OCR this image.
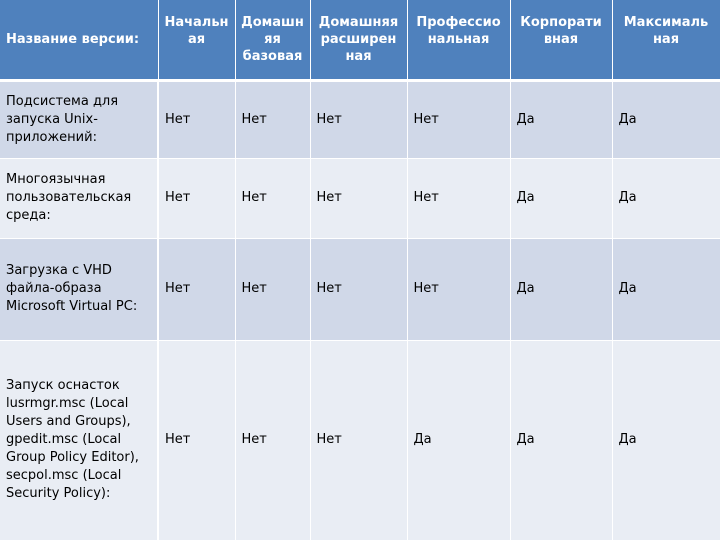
Название версии:	Начальн ая	Домашн яя базовая	Домашняя расширен ная	Профессио нальная	Корпорати вная	Максималь ная
Подсистема для запуска Unix-приложений:	Нет	Нет	Нет	Нет	Да	Да
Многоязычная пользовательская среда:	Нет	Нет	Нет	Нет	Да	Да
Загрузка с VHD файла-образа Microsoft Virtual PC:	Нет	Нет	Нет	Нет	Да	Да
Запуск оснасток lusrmgr.msc (Local Users and Groups), gpedit.msc (Local Group Policy Editor), secpol.msc (Local Security Policy):	Нет	Нет	Нет	Да	Да	Да
